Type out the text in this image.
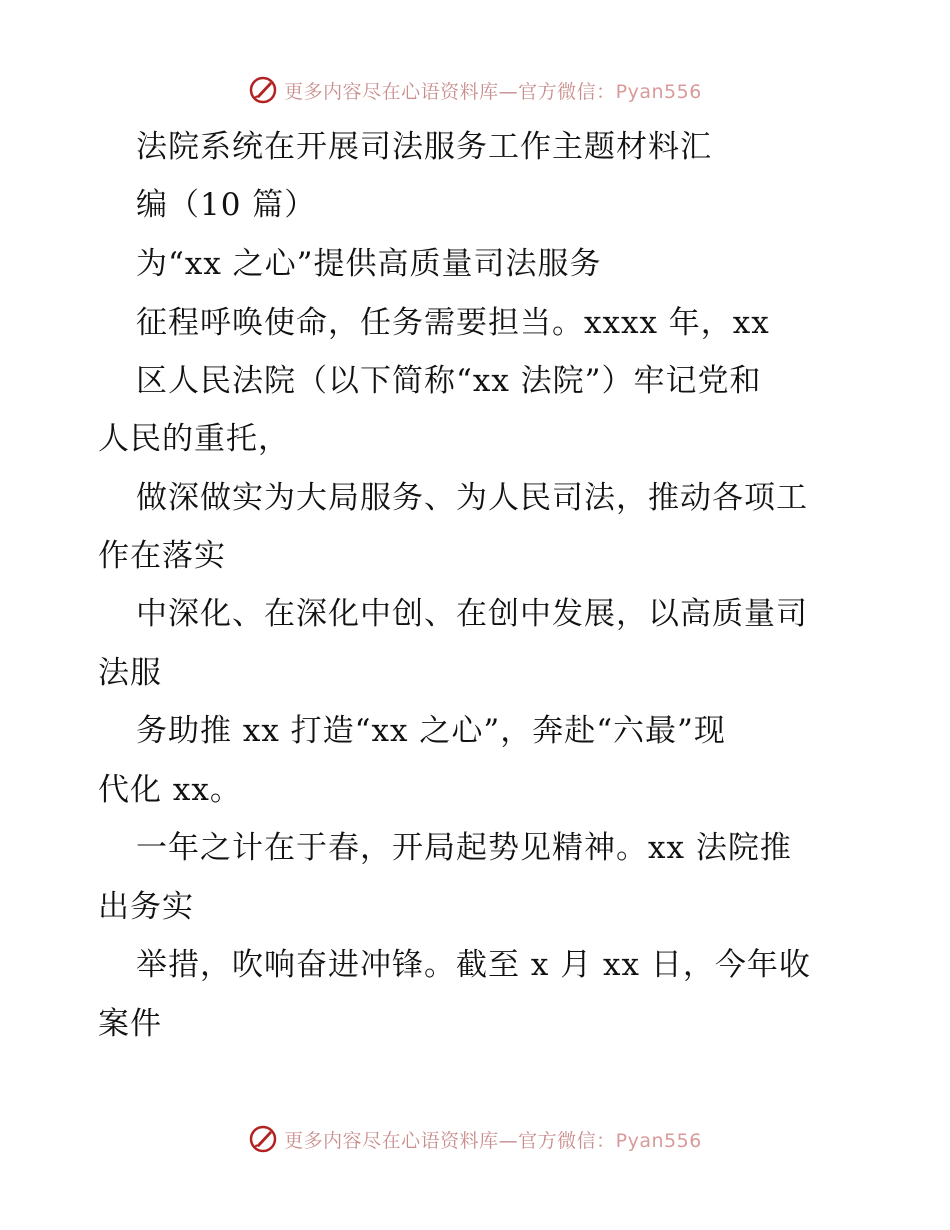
更多内容尽在心语资料库—官方微信：Pyan556
法院系统在开展司法服务工作主题材料汇
编（10 篇）
为“xx 之心”提供高质量司法服务
征程呼唤使命，任务需要担当。xxxx 年，xx
区人民法院（以下简称“xx 法院”）牢记党和
人民的重托，
做深做实为大局服务、为人民司法，推动各项工
作在落实
中深化、在深化中创、在创中发展，以高质量司
法服
务助推 xx 打造“xx 之心”，奔赴“六最”现
代化 xx。
一年之计在于春，开局起势见精神。xx 法院推
出务实
举措，吹响奋进冲锋。截至 x 月 xx 日，今年收
案件
更多内容尽在心语资料库—官方微信：Pyan556
